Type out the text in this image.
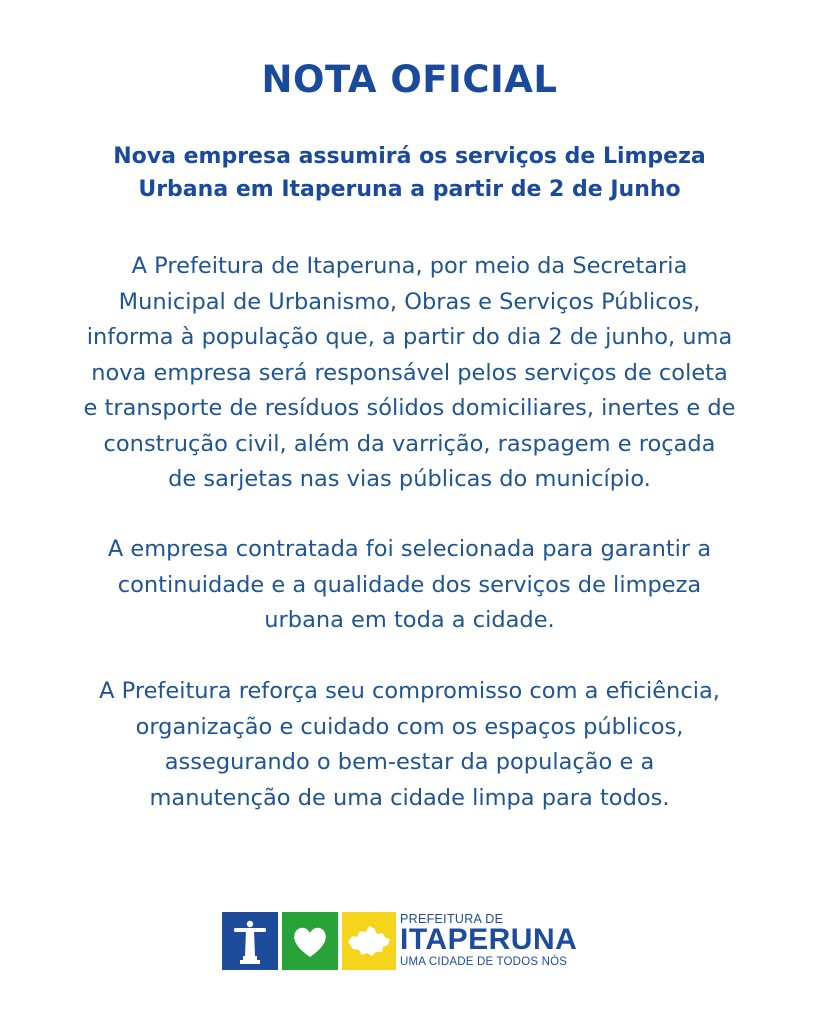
NOTA OFICIAL
Nova empresa assumirá os serviços de Limpeza
Urbana em Itaperuna a partir de 2 de Junho
A Prefeitura de Itaperuna, por meio da Secretaria
Municipal de Urbanismo, Obras e Serviços Públicos,
informa à população que, a partir do dia 2 de junho, uma
nova empresa será responsável pelos serviços de coleta
e transporte de resíduos sólidos domiciliares, inertes e de
construção civil, além da varrição, raspagem e roçada
de sarjetas nas vias públicas do município.
A empresa contratada foi selecionada para garantir a
continuidade e a qualidade dos serviços de limpeza
urbana em toda a cidade.
A Prefeitura reforça seu compromisso com a eficiência,
organização e cuidado com os espaços públicos,
assegurando o bem-estar da população e a
manutenção de uma cidade limpa para todos.
PREFEITURA DE
ITAPERUNA
UMA CIDADE DE TODOS NÓS
